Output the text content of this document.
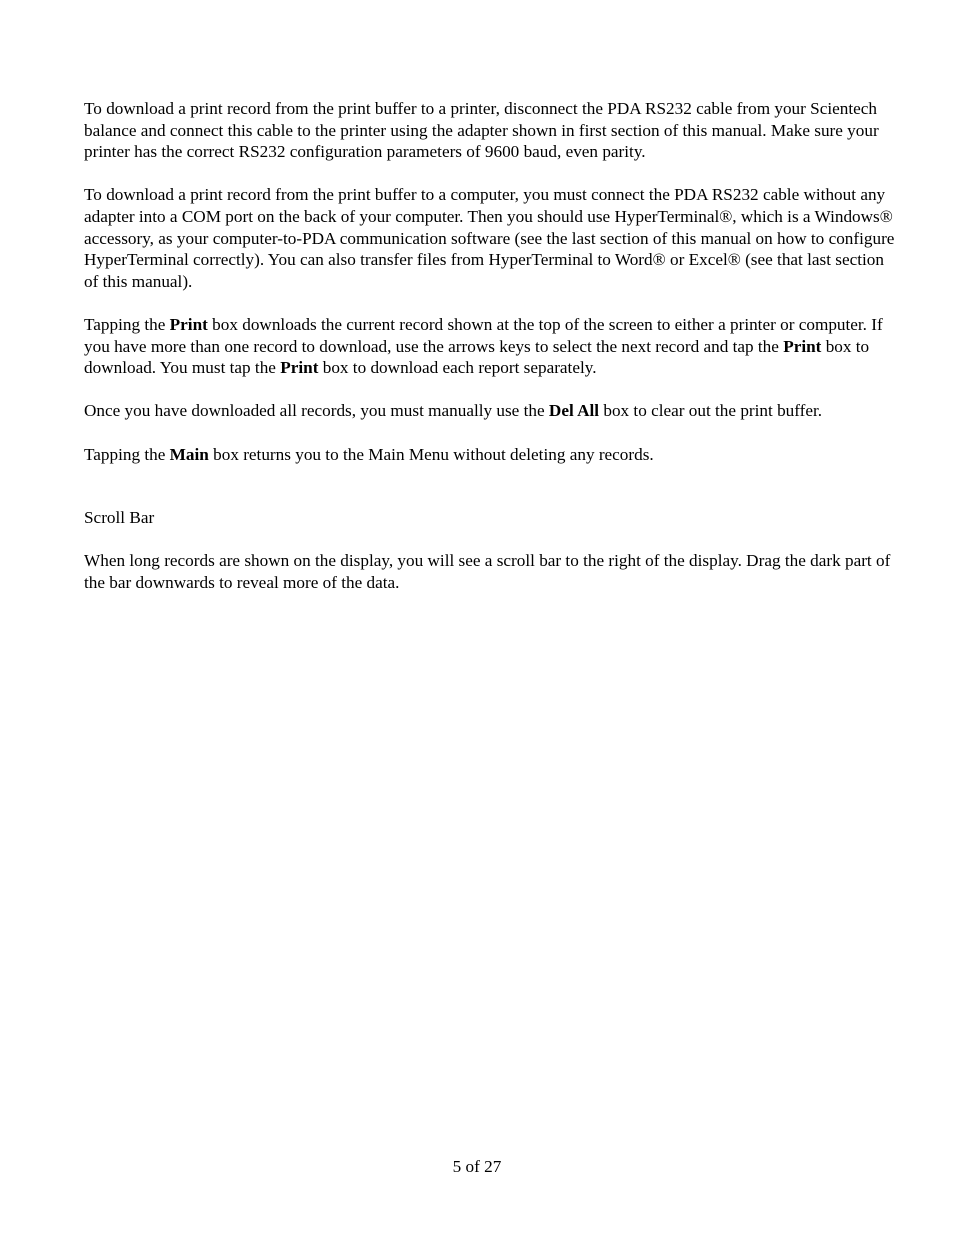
To download a print record from the print buffer to a printer, disconnect the PDA RS232 cable from your Scientech balance and connect this cable to the printer using the adapter shown in first section of this manual. Make sure your printer has the correct RS232 configuration parameters of 9600 baud, even parity.

To download a print record from the print buffer to a computer, you must connect the PDA RS232 cable without any adapter into a COM port on the back of your computer. Then you should use HyperTerminal®, which is a Windows® accessory, as your computer-to-PDA communication software (see the last section of this manual on how to configure HyperTerminal correctly). You can also transfer files from HyperTerminal to Word® or Excel® (see that last section of this manual).

Tapping the Print box downloads the current record shown at the top of the screen to either a printer or computer. If you have more than one record to download, use the arrows keys to select the next record and tap the Print box to download. You must tap the Print box to download each report separately.

Once you have downloaded all records, you must manually use the Del All box to clear out the print buffer.

Tapping the Main box returns you to the Main Menu without deleting any records.

Scroll Bar

When long records are shown on the display, you will see a scroll bar to the right of the display. Drag the dark part of the bar downwards to reveal more of the data.

5 of 27
